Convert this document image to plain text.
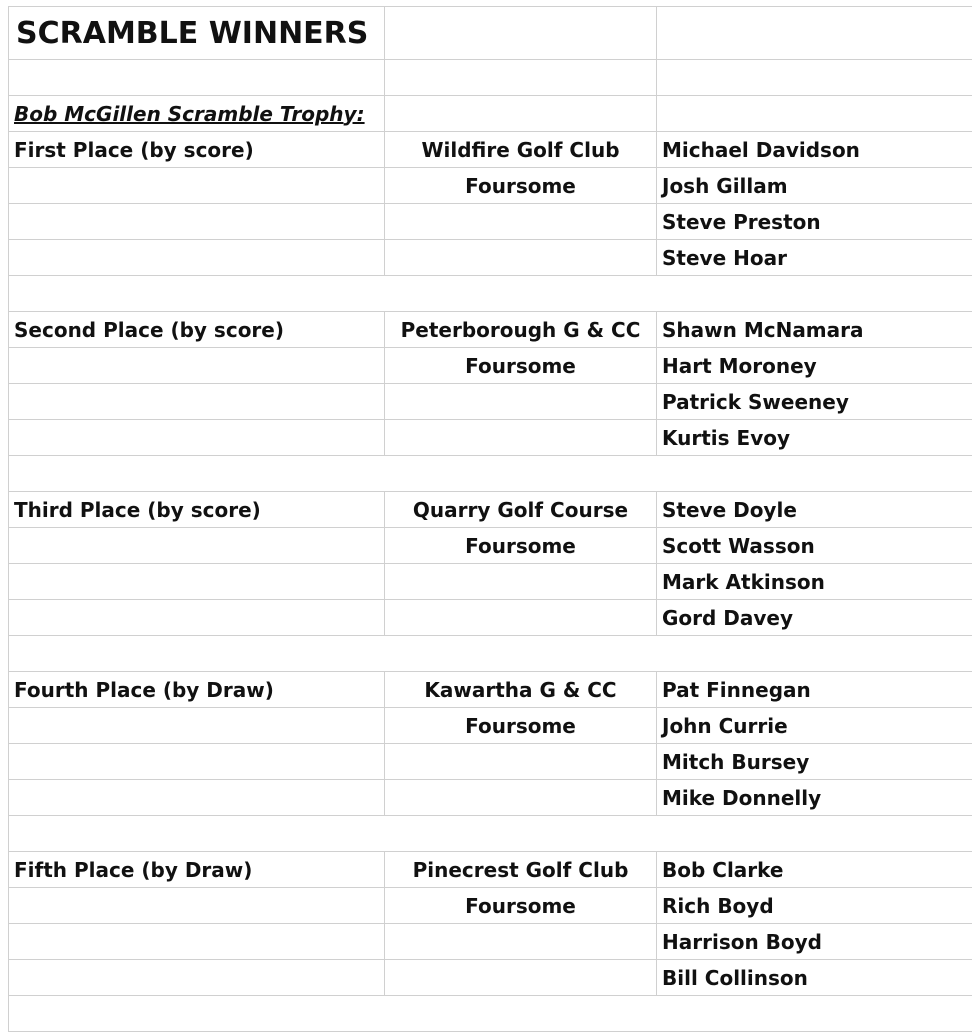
SCRAMBLE WINNERS		

Bob McGillen Scramble Trophy:		
First Place (by score)	Wildfire Golf Club	Michael Davidson
	Foursome	Josh Gillam
		Steve Preston
		Steve Hoar

Second Place (by score)	Peterborough G & CC	Shawn McNamara
	Foursome	Hart Moroney
		Patrick Sweeney
		Kurtis Evoy

Third Place (by score)	Quarry Golf Course	Steve Doyle
	Foursome	Scott Wasson
		Mark Atkinson
		Gord Davey

Fourth Place (by Draw)	Kawartha G & CC	Pat Finnegan
	Foursome	John Currie
		Mitch Bursey
		Mike Donnelly

Fifth Place (by Draw)	Pinecrest Golf Club	Bob Clarke
	Foursome	Rich Boyd
		Harrison Boyd
		Bill Collinson
